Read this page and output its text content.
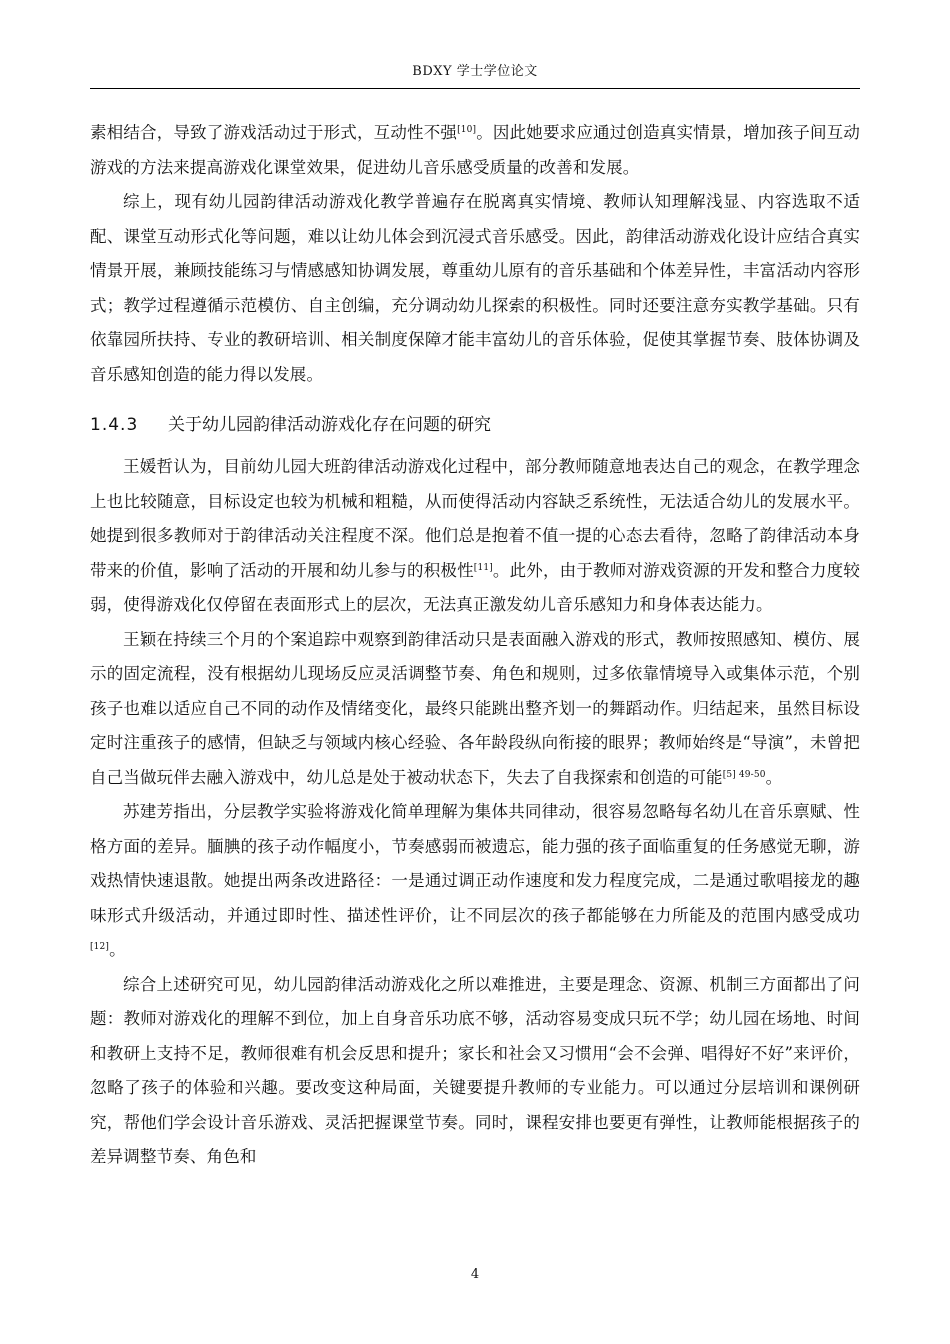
BDXY 学士学位论文

素相结合，导致了游戏活动过于形式，互动性不强[10]。因此她要求应通过创造真实情景，增加孩子间互动游戏的方法来提高游戏化课堂效果，促进幼儿音乐感受质量的改善和发展。

综上，现有幼儿园韵律活动游戏化教学普遍存在脱离真实情境、教师认知理解浅显、内容选取不适配、课堂互动形式化等问题，难以让幼儿体会到沉浸式音乐感受。因此，韵律活动游戏化设计应结合真实情景开展，兼顾技能练习与情感感知协调发展，尊重幼儿原有的音乐基础和个体差异性，丰富活动内容形式；教学过程遵循示范模仿、自主创编，充分调动幼儿探索的积极性。同时还要注意夯实教学基础。只有依靠园所扶持、专业的教研培训、相关制度保障才能丰富幼儿的音乐体验，促使其掌握节奏、肢体协调及音乐感知创造的能力得以发展。

1.4.3 关于幼儿园韵律活动游戏化存在问题的研究

王媛哲认为，目前幼儿园大班韵律活动游戏化过程中，部分教师随意地表达自己的观念，在教学理念上也比较随意，目标设定也较为机械和粗糙，从而使得活动内容缺乏系统性，无法适合幼儿的发展水平。她提到很多教师对于韵律活动关注程度不深。他们总是抱着不值一提的心态去看待，忽略了韵律活动本身带来的价值，影响了活动的开展和幼儿参与的积极性[11]。此外，由于教师对游戏资源的开发和整合力度较弱，使得游戏化仅停留在表面形式上的层次，无法真正激发幼儿音乐感知力和身体表达能力。

王颖在持续三个月的个案追踪中观察到韵律活动只是表面融入游戏的形式，教师按照感知、模仿、展示的固定流程，没有根据幼儿现场反应灵活调整节奏、角色和规则，过多依靠情境导入或集体示范，个别孩子也难以适应自己不同的动作及情绪变化，最终只能跳出整齐划一的舞蹈动作。归结起来，虽然目标设定时注重孩子的感情，但缺乏与领域内核心经验、各年龄段纵向衔接的眼界；教师始终是“导演”，未曾把自己当做玩伴去融入游戏中，幼儿总是处于被动状态下，失去了自我探索和创造的可能$^{[5] 49-50}$。

苏建芳指出，分层教学实验将游戏化简单理解为集体共同律动，很容易忽略每名幼儿在音乐禀赋、性格方面的差异。腼腆的孩子动作幅度小，节奏感弱而被遗忘，能力强的孩子面临重复的任务感觉无聊，游戏热情快速退散。她提出两条改进路径：一是通过调正动作速度和发力程度完成，二是通过歌唱接龙的趣味形式升级活动，并通过即时性、描述性评价，让不同层次的孩子都能够在力所能及的范围内感受成功[12]。

综合上述研究可见，幼儿园韵律活动游戏化之所以难推进，主要是理念、资源、机制三方面都出了问题：教师对游戏化的理解不到位，加上自身音乐功底不够，活动容易变成只玩不学；幼儿园在场地、时间和教研上支持不足，教师很难有机会反思和提升；家长和社会又习惯用“会不会弹、唱得好不好”来评价，忽略了孩子的体验和兴趣。要改变这种局面，关键要提升教师的专业能力。可以通过分层培训和课例研究，帮他们学会设计音乐游戏、灵活把握课堂节奏。同时，课程安排也要更有弹性，让教师能根据孩子的差异调整节奏、角色和

4
